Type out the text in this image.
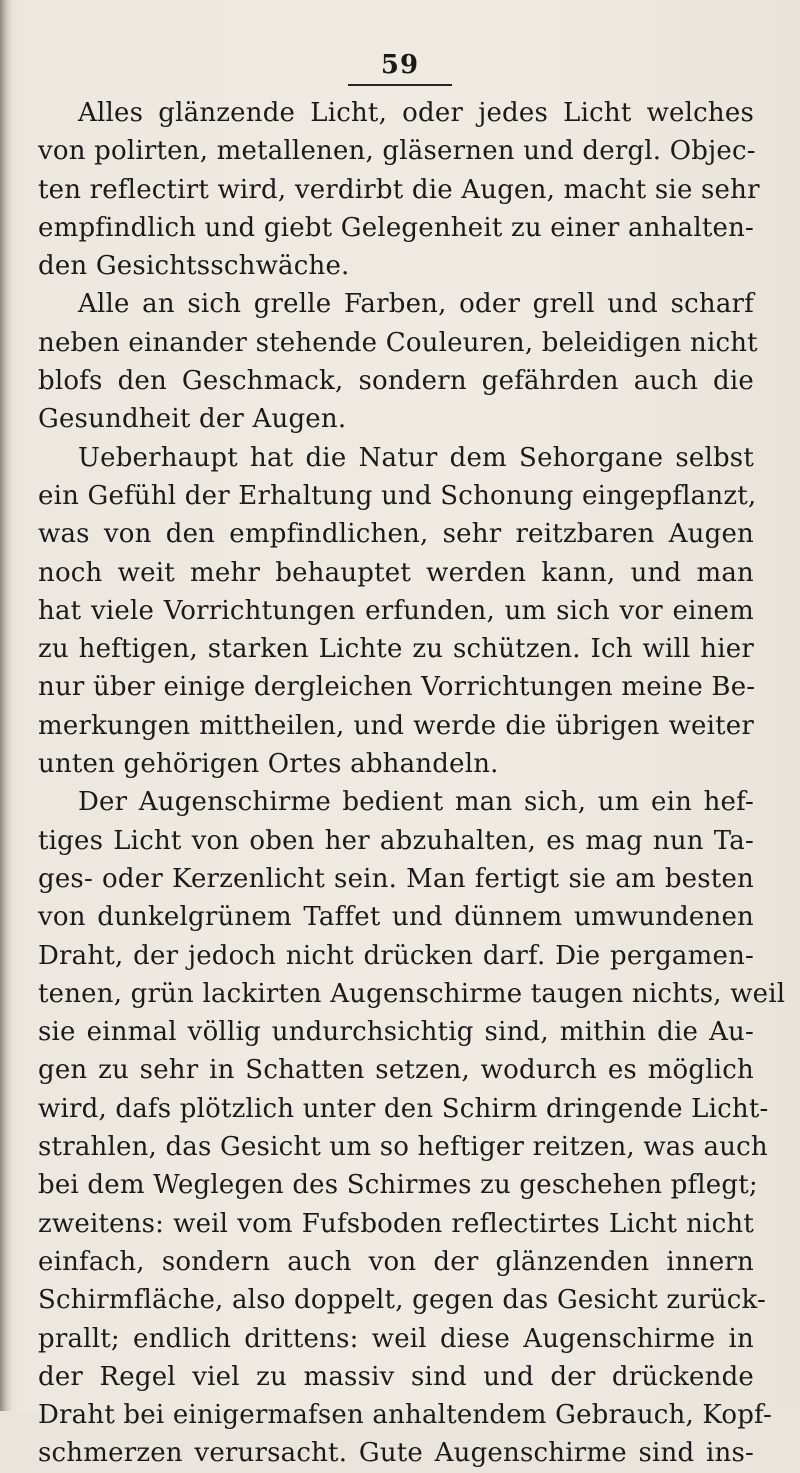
59
Alles glänzende Licht, oder jedes Licht welches
von polirten, metallenen, gläsernen und dergl. Objec-
ten reflectirt wird, verdirbt die Augen, macht sie sehr
empfindlich und giebt Gelegenheit zu einer anhalten-
den Gesichtsschwäche.
Alle an sich grelle Farben, oder grell und scharf
neben einander stehende Couleuren, beleidigen nicht
blofs den Geschmack, sondern gefährden auch die
Gesundheit der Augen.
Ueberhaupt hat die Natur dem Sehorgane selbst
ein Gefühl der Erhaltung und Schonung eingepflanzt,
was von den empfindlichen, sehr reitzbaren Augen
noch weit mehr behauptet werden kann, und man
hat viele Vorrichtungen erfunden, um sich vor einem
zu heftigen, starken Lichte zu schützen. Ich will hier
nur über einige dergleichen Vorrichtungen meine Be-
merkungen mittheilen, und werde die übrigen weiter
unten gehörigen Ortes abhandeln.
Der Augenschirme bedient man sich, um ein hef-
tiges Licht von oben her abzuhalten, es mag nun Ta-
ges- oder Kerzenlicht sein. Man fertigt sie am besten
von dunkelgrünem Taffet und dünnem umwundenen
Draht, der jedoch nicht drücken darf. Die pergamen-
tenen, grün lackirten Augenschirme taugen nichts, weil
sie einmal völlig undurchsichtig sind, mithin die Au-
gen zu sehr in Schatten setzen, wodurch es möglich
wird, dafs plötzlich unter den Schirm dringende Licht-
strahlen, das Gesicht um so heftiger reitzen, was auch
bei dem Weglegen des Schirmes zu geschehen pflegt;
zweitens: weil vom Fufsboden reflectirtes Licht nicht
einfach, sondern auch von der glänzenden innern
Schirmfläche, also doppelt, gegen das Gesicht zurück-
prallt; endlich drittens: weil diese Augenschirme in
der Regel viel zu massiv sind und der drückende
Draht bei einigermafsen anhaltendem Gebrauch, Kopf-
schmerzen verursacht. Gute Augenschirme sind ins-
